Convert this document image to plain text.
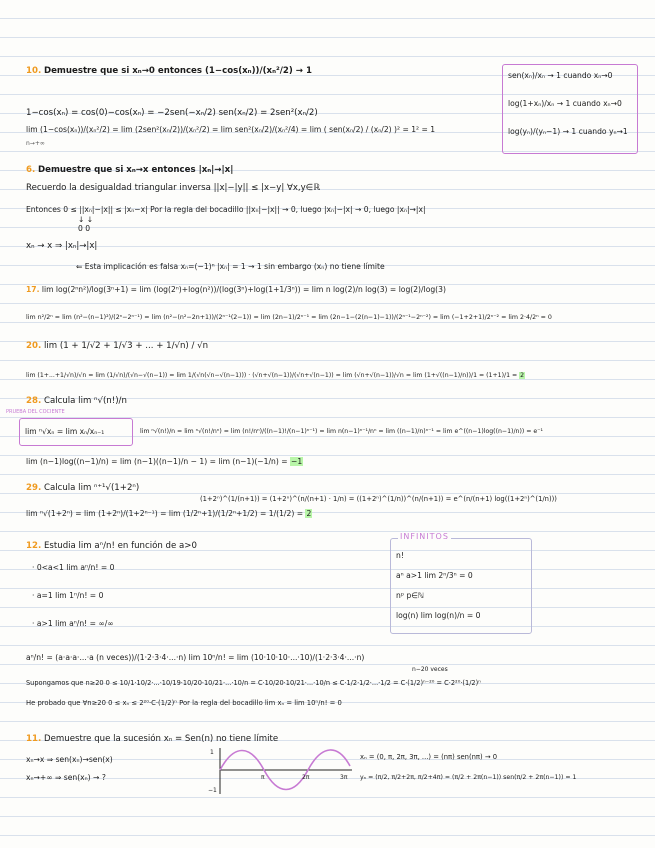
10. Demuestre que si xₙ→0 entonces (1−cos(xₙ))/(xₙ²/2) → 1
1−cos(xₙ) = cos(0)−cos(xₙ) = −2sen(−xₙ/2) sen(xₙ/2) = 2sen²(xₙ/2)
lim (1−cos(xₙ))/(xₙ²/2) = lim (2sen²(xₙ/2))/(xₙ²/2) = lim sen²(xₙ/2)/(xₙ²/4) = lim ( sen(xₙ/2) / (xₙ/2) )² = 1² = 1
n→+∞
sen(xₙ)/xₙ → 1 cuando xₙ→0
log(1+xₙ)/xₙ → 1 cuando xₙ→0
log(yₙ)/(yₙ−1) → 1 cuando yₙ→1
6. Demuestre que si xₙ→x entonces |xₙ|→|x|
Recuerdo la desigualdad triangular inversa ||x|−|y|| ≤ |x−y| ∀x,y∈ℝ
Entonces 0 ≤ ||xₙ|−|x|| ≤ |xₙ−x| Por la regla del bocadillo ||xₙ|−|x|| → 0, luego |xₙ|−|x| → 0, luego |xₙ|→|x|
↓ ↓
0 0
xₙ → x ⇒ |xₙ|→|x|
⇐ Esta implicación es falsa xₙ=(−1)ⁿ |xₙ| = 1 → 1 sin embargo (xₙ) no tiene límite
17. lim log(2ⁿn²)/log(3ⁿ+1) = lim (log(2ⁿ)+log(n²))/(log(3ⁿ)+log(1+1/3ⁿ)) = lim n log(2)/n log(3) = log(2)/log(3)
lim n²/2ⁿ = lim (n²−(n−1)²)/(2ⁿ−2ⁿ⁻¹) = lim (n²−(n²−2n+1))/(2ⁿ⁻¹(2−1)) = lim (2n−1)/2ⁿ⁻¹ = lim (2n−1−(2(n−1)−1))/(2ⁿ⁻¹−2ⁿ⁻²) = lim (−1+2+1)/2ⁿ⁻² = lim 2·4/2ⁿ = 0
20. lim (1 + 1/√2 + 1/√3 + ... + 1/√n) / √n
lim (1+...+1/√n)/√n = lim (1/√n)/(√n−√(n−1)) = lim 1/(√n(√n−√(n−1))) · (√n+√(n−1))/(√n+√(n−1)) = lim (√n+√(n−1))/√n = lim (1+√((n−1)/n))/1 = (1+1)/1 = 2
28. Calcula lim ⁿ√(n!)/n
PRUEBA DEL COCIENTE
lim ⁿ√xₙ = lim xₙ/xₙ₋₁	lim ⁿ√(n!)/n = lim ⁿ√(n!/nⁿ) = lim (n!/nⁿ)/((n−1)!/(n−1)ⁿ⁻¹) = lim n(n−1)ⁿ⁻¹/nⁿ = lim ((n−1)/n)ⁿ⁻¹ = lim e^((n−1)log((n−1)/n)) = e⁻¹
lim (n−1)log((n−1)/n) = lim (n−1)((n−1)/n − 1) = lim (n−1)(−1/n) = −1
29. Calcula lim ⁿ⁺¹√(1+2ⁿ)
(1+2ⁿ)^(1/(n+1)) = (1+2ⁿ)^(n/(n+1) · 1/n) = ((1+2ⁿ)^(1/n))^(n/(n+1)) = e^(n/(n+1) log((1+2ⁿ)^(1/n)))
lim ⁿ√(1+2ⁿ) = lim (1+2ⁿ)/(1+2ⁿ⁻¹) = lim (1/2ⁿ+1)/(1/2ⁿ+1/2) = 1/(1/2) = 2
12. Estudia lim aⁿ/n! en función de a>0
· 0<a<1 lim aⁿ/n! = 0
· a=1 lim 1ⁿ/n! = 0
· a>1 lim aⁿ/n! = ∞/∞
aⁿ/n! = (a·a·a·...·a (n veces))/(1·2·3·4·...·n) lim 10ⁿ/n! = lim (10·10·10·...·10)/(1·2·3·4·...·n)
n−20 veces
Supongamos que n≥20 0 ≤ 10/1·10/2·...·10/19·10/20·10/21·...·10/n = C·10/20·10/21·...·10/n ≤ C·1/2·1/2·...·1/2 = C·(1/2)ⁿ⁻²⁰ = C·2²⁰·(1/2)ⁿ
He probado que ∀n≥20 0 ≤ xₙ ≤ 2²⁰·C·(1/2)ⁿ Por la regla del bocadillo lim xₙ = lim 10ⁿ/n! = 0
INFINITOS
n!
aⁿ a>1 lim 2ⁿ/3ⁿ = 0
nᵖ p∈ℕ
log(n) lim log(n)/n = 0
11. Demuestre que la sucesión xₙ = Sen(n) no tiene límite
xₙ→x ⇒ sen(xₙ)→sen(x)
xₙ→+∞ ⇒ sen(xₙ) → ?
xₙ = (0, π, 2π, 3π, ...) = (nπ) sen(nπ) → 0
yₙ = (π/2, π/2+2π, π/2+4π) = (π/2 + 2π(n−1)) sen(π/2 + 2π(n−1)) = 1
1
−1
π	2π	3π
